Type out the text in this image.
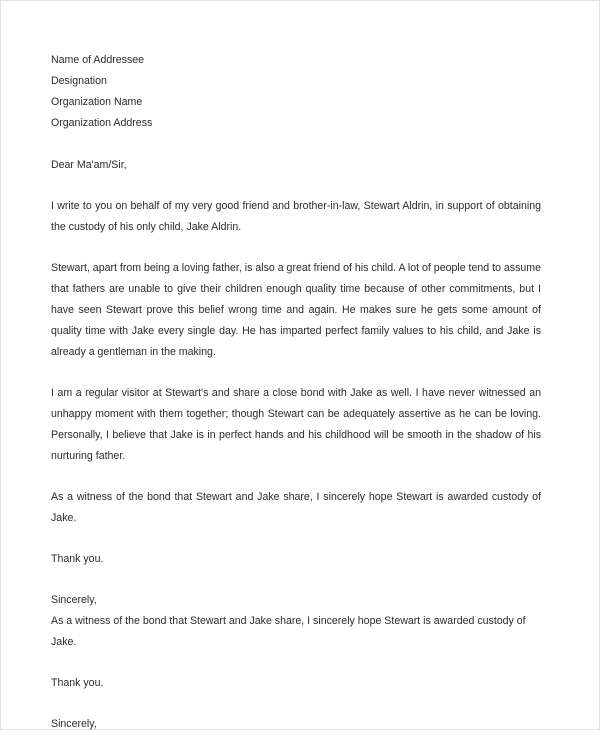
Name of Addressee

Designation

Organization Name

Organization Address

Dear Ma'am/Sir,

I write to you on behalf of my very good friend and brother-in-law, Stewart Aldrin, in support of obtaining the custody of his only child, Jake Aldrin.

Stewart, apart from being a loving father, is also a great friend of his child. A lot of people tend to assume that fathers are unable to give their children enough quality time because of other commitments, but I have seen Stewart prove this belief wrong time and again. He makes sure he gets some amount of quality time with Jake every single day. He has imparted perfect family values to his child, and Jake is already a gentleman in the making.

I am a regular visitor at Stewart's and share a close bond with Jake as well. I have never witnessed an unhappy moment with them together; though Stewart can be adequately assertive as he can be loving. Personally, I believe that Jake is in perfect hands and his childhood will be smooth in the shadow of his nurturing father.

As a witness of the bond that Stewart and Jake share, I sincerely hope Stewart is awarded custody of Jake.

Thank you.

Sincerely,

As a witness of the bond that Stewart and Jake share, I sincerely hope Stewart is awarded custody of Jake.

Thank you.

Sincerely,
